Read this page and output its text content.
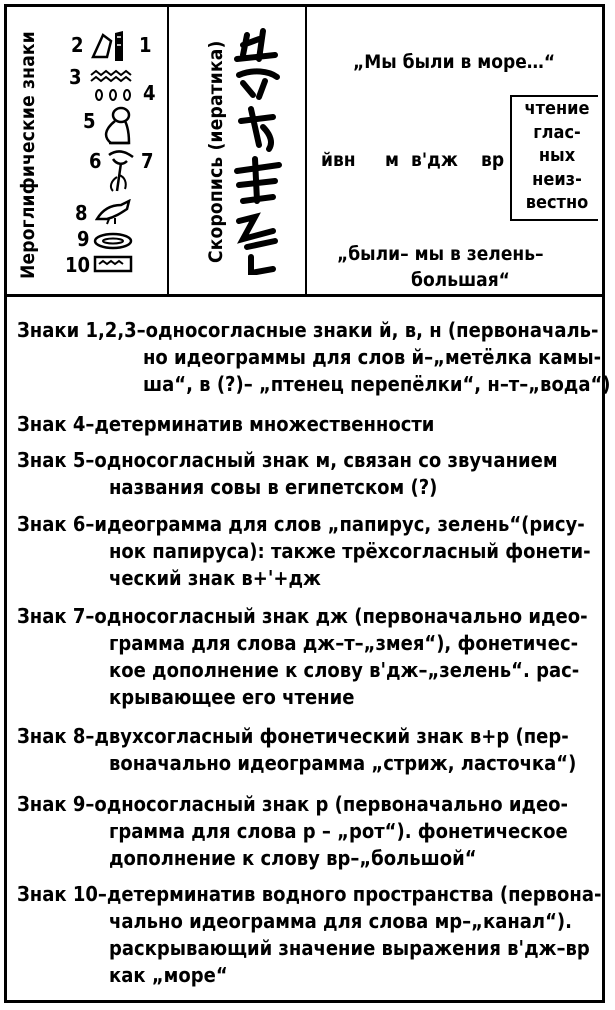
Иероглифические знаки 2	1
3
4
5
6 7
8
9
10
Скоропись (иератика)	„Мы были в море…“
йвн м в'дж вр
чтение
глас-
ных
неиз-
вестно
„были– мы в зелень–
большая“
Знаки 1,2,3–односогласные знаки й, в, н (первоначаль-
но идеограммы для слов й–„метёлка камы-
ша“, в (?)– „птенец перепёлки“, н–т–„вода“)
Знак 4–детерминатив множественности
Знак 5–односогласный знак м, связан со звучанием
названия совы в египетском (?)
Знак 6–идеограмма для слов „папирус, зелень“(рису-
нок папируса): также трёхсогласный фонети-
ческий знак в+'+дж
Знак 7–односогласный знак дж (первоначально идео-
грамма для слова дж–т–„змея“), фонетичес-
кое дополнение к слову в'дж–„зелень“. рас-
крывающее его чтение
Знак 8–двухсогласный фонетический знак в+р (пер-
воначально идеограмма „стриж, ласточка“)
Знак 9–односогласный знак р (первоначально идео-
грамма для слова р – „рот“). фонетическое
дополнение к слову вр–„большой“
Знак 10–детерминатив водного пространства (первона-
чально идеограмма для слова мр–„канал“).
раскрывающий значение выражения в'дж–вр
как „море“
